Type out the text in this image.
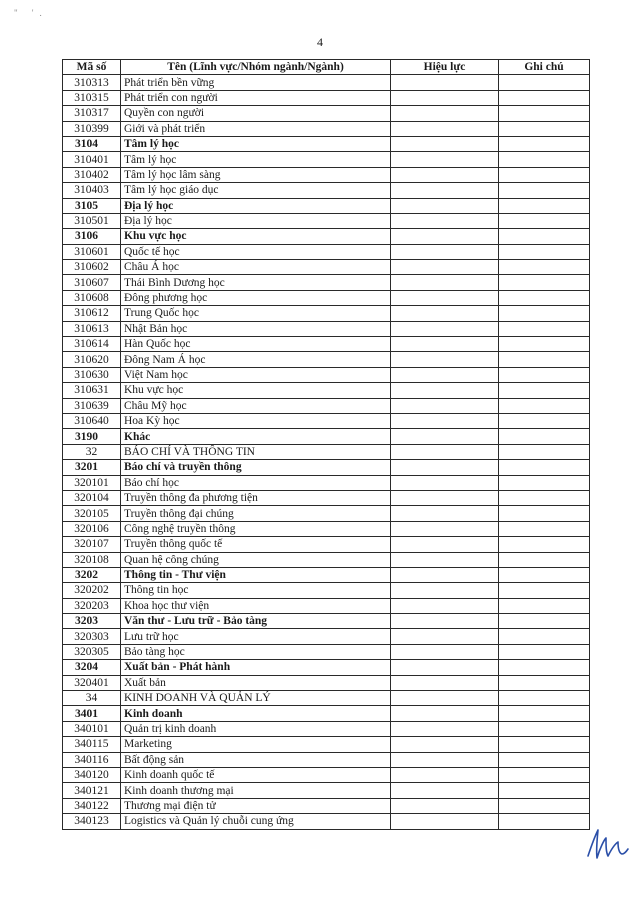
" '.
4
Mã số	Tên (Lĩnh vực/Nhóm ngành/Ngành)	Hiệu lực	Ghi chú
310313	Phát triển bền vững		
310315	Phát triển con người		
310317	Quyền con người		
310399	Giới và phát triển		
3104	Tâm lý học		
310401	Tâm lý học		
310402	Tâm lý học lâm sàng		
310403	Tâm lý học giáo dục		
3105	Địa lý học		
310501	Địa lý học		
3106	Khu vực học		
310601	Quốc tế học		
310602	Châu Á học		
310607	Thái Bình Dương học		
310608	Đông phương học		
310612	Trung Quốc học		
310613	Nhật Bản học		
310614	Hàn Quốc học		
310620	Đông Nam Á học		
310630	Việt Nam học		
310631	Khu vực học		
310639	Châu Mỹ học		
310640	Hoa Kỳ học		
3190	Khác		
32	BÁO CHÍ VÀ THÔNG TIN		
3201	Báo chí và truyền thông		
320101	Báo chí học		
320104	Truyền thông đa phương tiện		
320105	Truyền thông đại chúng		
320106	Công nghệ truyền thông		
320107	Truyền thông quốc tế		
320108	Quan hệ công chúng		
3202	Thông tin - Thư viện		
320202	Thông tin học		
320203	Khoa học thư viện		
3203	Văn thư - Lưu trữ - Bảo tàng		
320303	Lưu trữ học		
320305	Bảo tàng học		
3204	Xuất bản - Phát hành		
320401	Xuất bản		
34	KINH DOANH VÀ QUẢN LÝ		
3401	Kinh doanh		
340101	Quản trị kinh doanh		
340115	Marketing		
340116	Bất động sản		
340120	Kinh doanh quốc tế		
340121	Kinh doanh thương mại		
340122	Thương mại điện tử		
340123	Logistics và Quản lý chuỗi cung ứng		
